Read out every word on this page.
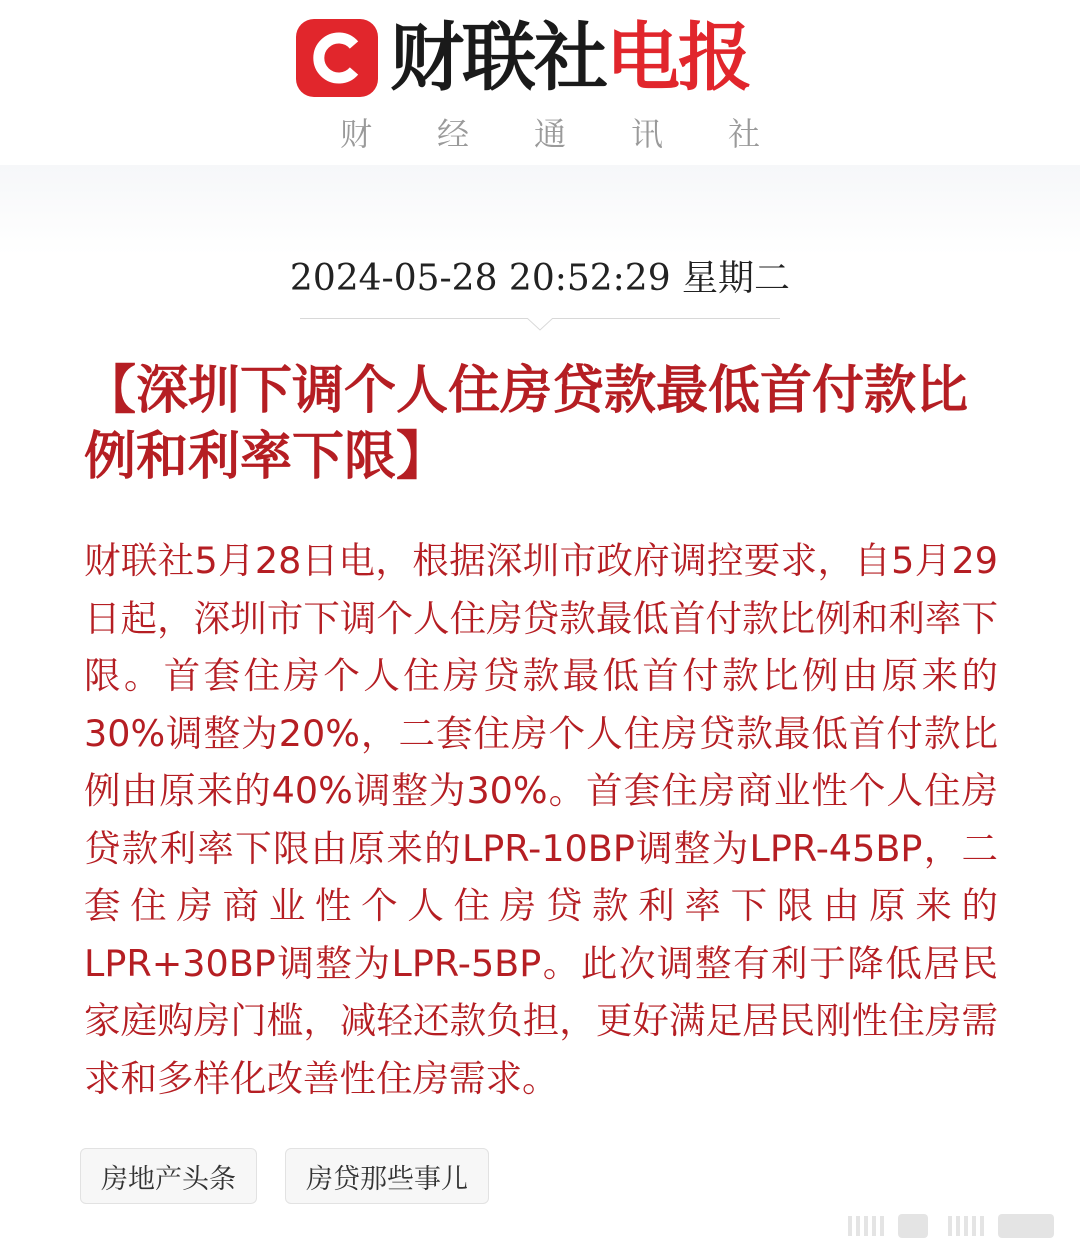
财联社电报
财 经 通 讯 社
2024-05-28 20:52:29 星期二
【深圳下调个人住房贷款最低首付款比例和利率下限】

财联社5月28日电，根据深圳市政府调控要求，自5月29日起，深圳市下调个人住房贷款最低首付款比例和利率下限。首套住房个人住房贷款最低首付款比例由原来的30%调整为20%，二套住房个人住房贷款最低首付款比例由原来的40%调整为30%。首套住房商业性个人住房贷款利率下限由原来的LPR-10BP调整为LPR-45BP，二套住房商业性个人住房贷款利率下限由原来的LPR+30BP调整为LPR-5BP。此次调整有利于降低居民家庭购房门槛，减轻还款负担，更好满足居民刚性住房需求和多样化改善性住房需求。

房地产头条	房贷那些事儿
